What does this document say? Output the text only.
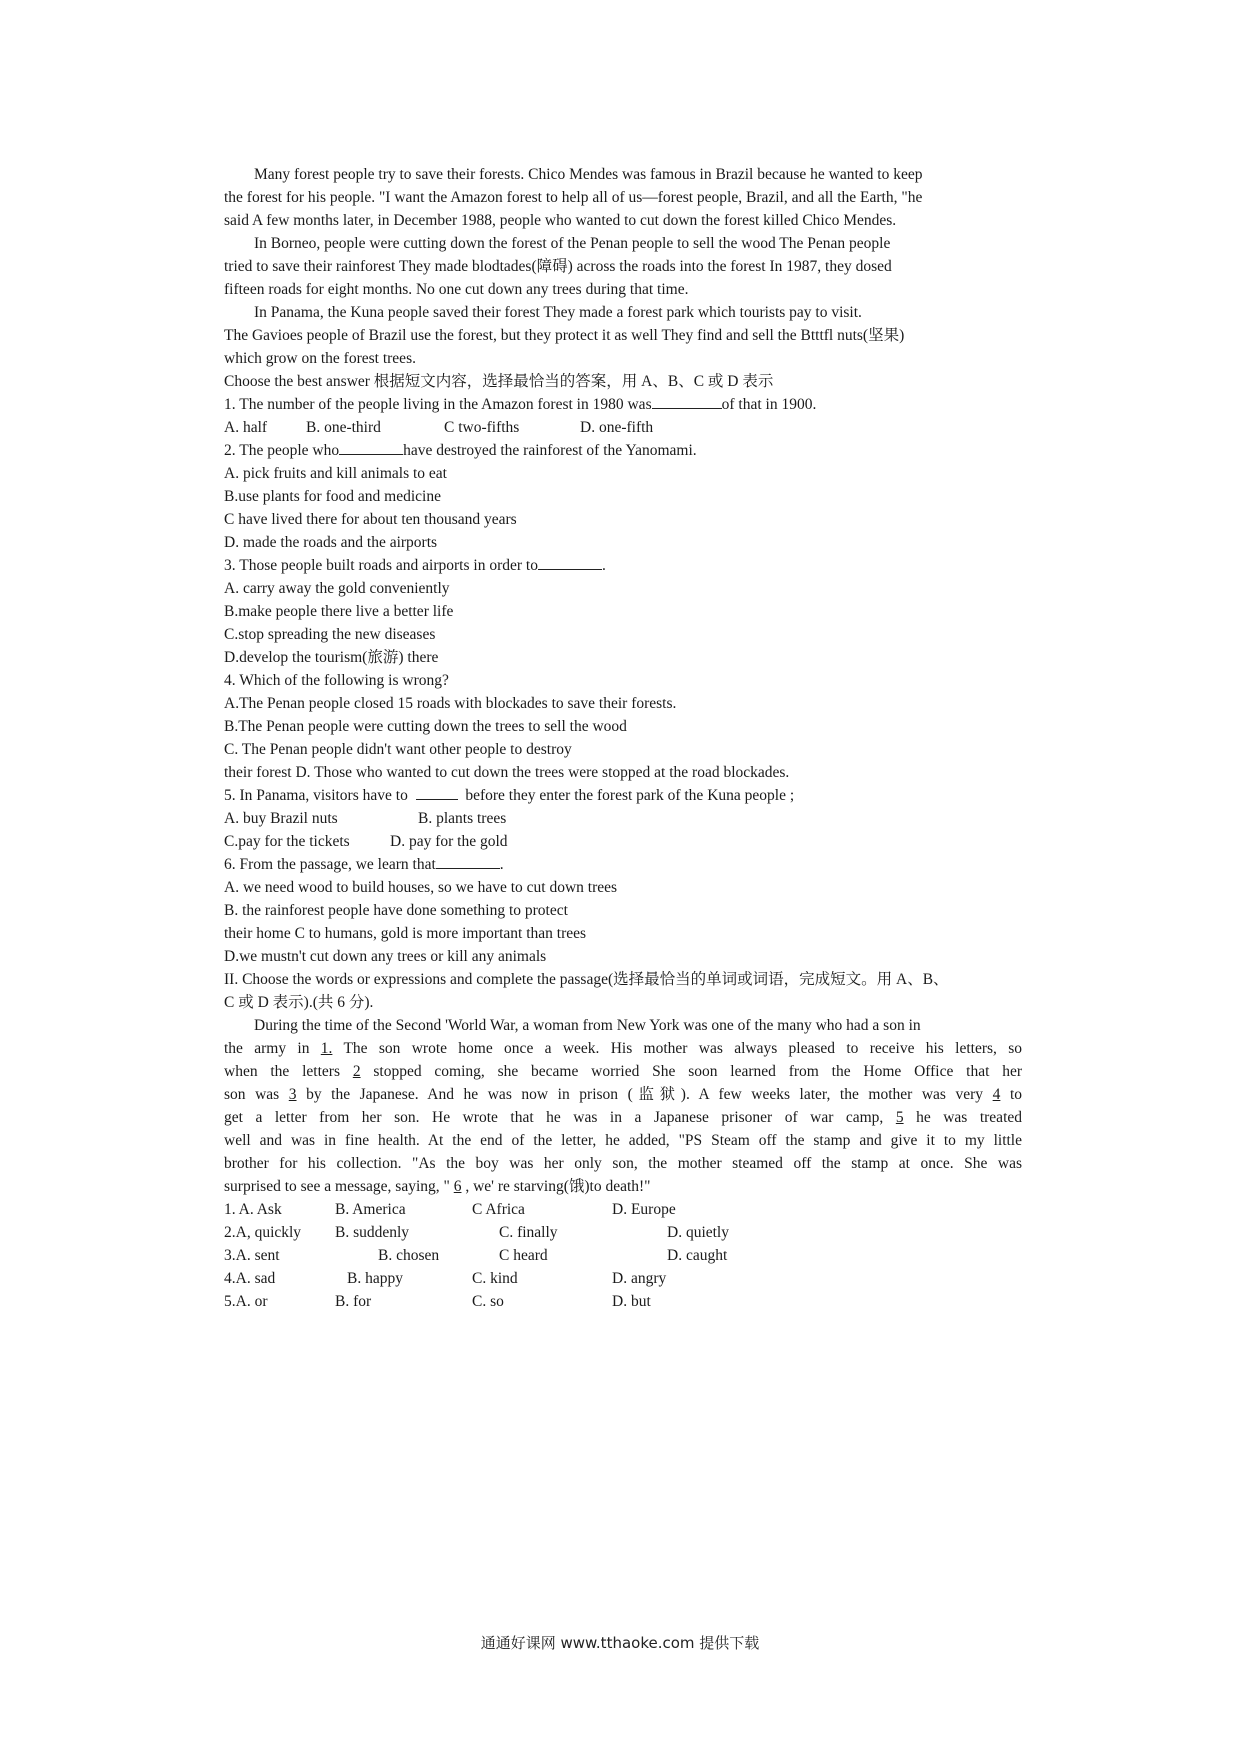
Many forest people try to save their forests. Chico Mendes was famous in Brazil because he wanted to keep
the forest for his people. "I want the Amazon forest to help all of us—forest people, Brazil, and all the Earth, "he
said A few months later, in December 1988, people who wanted to cut down the forest killed Chico Mendes.
In Borneo, people were cutting down the forest of the Penan people to sell the wood The Penan people
tried to save their rainforest They made blodtades(障碍) across the roads into the forest In 1987, they dosed
fifteen roads for eight months. No one cut down any trees during that time.
In Panama, the Kuna people saved their forest They made a forest park which tourists pay to visit.
The Gavioes people of Brazil use the forest, but they protect it as well They find and sell the Btttfl nuts(坚果)
which grow on the forest trees.
Choose the best answer 根据短文内容，选择最恰当的答案，用 A、B、C 或 D 表示
1. The number of the people living in the Amazon forest in 1980 was	of that in 1900.
A. half	B. one-third	C two-fifths	D. one-fifth
2. The people who	have destroyed the rainforest of the Yanomami.
A. pick fruits and kill animals to eat
B.use plants for food and medicine
C have lived there for about ten thousand years
D. made the roads and the airports
3. Those people built roads and airports in order to	.
A. carry away the gold conveniently
B.make people there live a better life
C.stop spreading the new diseases
D.develop the tourism(旅游) there
4. Which of the following is wrong?
A.The Penan people closed 15 roads with blockades to save their forests.
B.The Penan people were cutting down the trees to sell the wood
C. The Penan people didn't want other people to destroy
their forest D. Those who wanted to cut down the trees were stopped at the road blockades.
5. In Panama, visitors have to	before they enter the forest park of the Kuna people ;
A. buy Brazil nuts	B. plants trees
C.pay for the tickets	D. pay for the gold
6. From the passage, we learn that	.
A. we need wood to build houses, so we have to cut down trees
B. the rainforest people have done something to protect
their home C to humans, gold is more important than trees
D.we mustn't cut down any trees or kill any animals
II. Choose the words or expressions and complete the passage(选择最恰当的单词或词语，完成短文。用 A、B、
C 或 D 表示).(共 6 分).
During the time of the Second 'World War, a woman from New York was one of the many who had a son in
the army in 1. The son wrote home once a week. His mother was always pleased to receive his letters, so
when the letters 2 stopped coming, she became worried She soon learned from the Home Office that her
son was 3 by the Japanese. And he was now in prison (监狱). A few weeks later, the mother was very 4 to
get a letter from her son. He wrote that he was in a Japanese prisoner of war camp, 5 he was treated
well and was in fine health. At the end of the letter, he added, "PS Steam off the stamp and give it to my little
brother for his collection. "As the boy was her only son, the mother steamed off the stamp at once. She was
surprised to see a message, saying, " 6 , we' re starving(饿)to death!"
1. A. Ask	B. America	C Africa	D. Europe
2.A, quickly	B. suddenly	C. finally	D. quietly
3.A. sent	B. chosen	C heard	D. caught
4.A. sad	B. happy	C. kind	D. angry
5.A. or	B. for	C. so	D. but
通通好课网 www.tthaoke.com 提供下载
